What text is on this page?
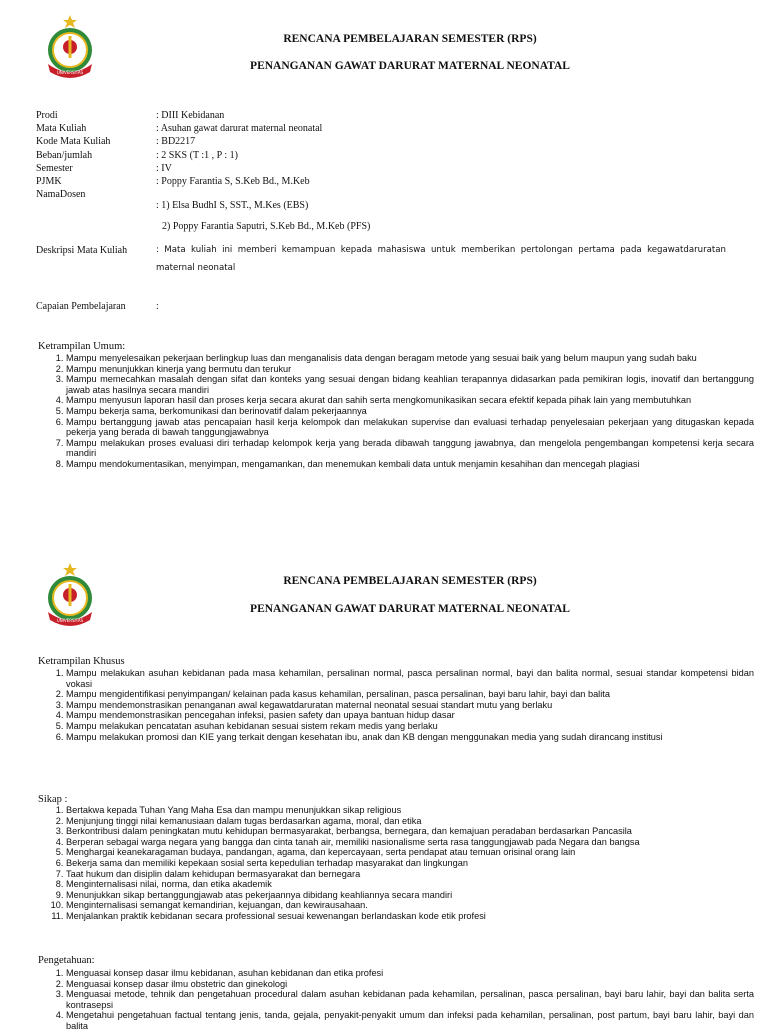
UNIVERSITAS
RENCANA PEMBELAJARAN SEMESTER (RPS)
PENANGANAN GAWAT DARURAT MATERNAL NEONATAL
Prodi	: DIII Kebidanan
Mata Kuliah	: Asuhan gawat darurat maternal neonatal
Kode Mata Kuliah	: BD2217
Beban/jumlah	: 2 SKS (T :1 , P : 1)
Semester	: IV
PJMK	: Poppy Farantia S, S.Keb Bd., M.Keb
NamaDosen
: 1) Elsa BudhI S, SST., M.Kes (EBS)
2) Poppy Farantia Saputri, S.Keb Bd., M.Keb (PFS)
Deskripsi Mata Kuliah	: Mata kuliah ini memberi kemampuan kepada mahasiswa untuk memberikan pertolongan pertama pada kegawatdaruratan maternal neonatal
Capaian Pembelajaran	:
Ketrampilan Umum:
1. Mampu menyelesaikan pekerjaan berlingkup luas dan menganalisis data dengan beragam metode yang sesuai baik yang belum maupun yang sudah baku
2. Mampu menunjukkan kinerja yang bermutu dan terukur
3. Mampu memecahkan masalah dengan sifat dan konteks yang sesuai dengan bidang keahlian terapannya didasarkan pada pemikiran logis, inovatif dan bertanggung jawab atas hasilnya secara mandiri
4. Mampu menyusun laporan hasil dan proses kerja secara akurat dan sahih serta mengkomunikasikan secara efektif kepada pihak lain yang membutuhkan
5. Mampu bekerja sama, berkomunikasi dan berinovatif dalam pekerjaannya
6. Mampu bertanggung jawab atas pencapaian hasil kerja kelompok dan melakukan supervise dan evaluasi terhadap penyelesaian pekerjaan yang ditugaskan kepada pekerja yang berada di bawah tanggungjawabnya
7. Mampu melakukan proses evaluasi diri terhadap kelompok kerja yang berada dibawah tanggung jawabnya, dan mengelola pengembangan kompetensi kerja secara mandiri
8. Mampu mendokumentasikan, menyimpan, mengamankan, dan menemukan kembali data untuk menjamin kesahihan dan mencegah plagiasi
UNIVERSITAS
RENCANA PEMBELAJARAN SEMESTER (RPS)
PENANGANAN GAWAT DARURAT MATERNAL NEONATAL
Ketrampilan Khusus
1. Mampu melakukan asuhan kebidanan pada masa kehamilan, persalinan normal, pasca persalinan normal, bayi dan balita normal, sesuai standar kompetensi bidan vokasi
2. Mampu mengidentifikasi penyimpangan/ kelainan pada kasus kehamilan, persalinan, pasca persalinan, bayi baru lahir, bayi dan balita
3. Mampu mendemonstrasikan penanganan awal kegawatdaruratan maternal neonatal sesuai standart mutu yang berlaku
4. Mampu mendemonstrasikan pencegahan infeksi, pasien safety dan upaya bantuan hidup dasar
5. Mampu melakukan pencatatan asuhan kebidanan sesuai sistem rekam medis yang berlaku
6. Mampu melakukan promosi dan KIE yang terkait dengan kesehatan ibu, anak dan KB dengan menggunakan media yang sudah dirancang institusi
Sikap :
1. Bertakwa kepada Tuhan Yang Maha Esa dan mampu menunjukkan sikap religious
2. Menjunjung tinggi nilai kemanusiaan dalam tugas berdasarkan agama, moral, dan etika
3. Berkontribusi dalam peningkatan mutu kehidupan bermasyarakat, berbangsa, bernegara, dan kemajuan peradaban berdasarkan Pancasila
4. Berperan sebagai warga negara yang bangga dan cinta tanah air, memiliki nasionalisme serta rasa tanggungjawab pada Negara dan bangsa
5. Menghargai keanekaragaman budaya, pandangan, agama, dan kepercayaan, serta pendapat atau temuan orisinal orang lain
6. Bekerja sama dan memiliki kepekaan sosial serta kepedulian terhadap masyarakat dan lingkungan
7. Taat hukum dan disiplin dalam kehidupan bermasyarakat dan bernegara
8. Menginternalisasi nilai, norma, dan etika akademik
9. Menunjukkan sikap bertanggungjawab atas pekerjaannya dibidang keahliannya secara mandiri
10. Menginternalisasi semangat kemandirian, kejuangan, dan kewirausahaan.
11. Menjalankan praktik kebidanan secara professional sesuai kewenangan berlandaskan kode etik profesi
Pengetahuan:
1. Menguasai konsep dasar ilmu kebidanan, asuhan kebidanan dan etika profesi
2. Menguasai konsep dasar ilmu obstetric dan ginekologi
3. Menguasai metode, tehnik dan pengetahuan procedural dalam asuhan kebidanan pada kehamilan, persalinan, pasca persalinan, bayi baru lahir, bayi dan balita serta kontrasepsi
4. Mengetahui pengetahuan factual tentang jenis, tanda, gejala, penyakit-penyakit umum dan infeksi pada kehamilan, persalinan, post partum, bayi baru lahir, bayi dan balita
